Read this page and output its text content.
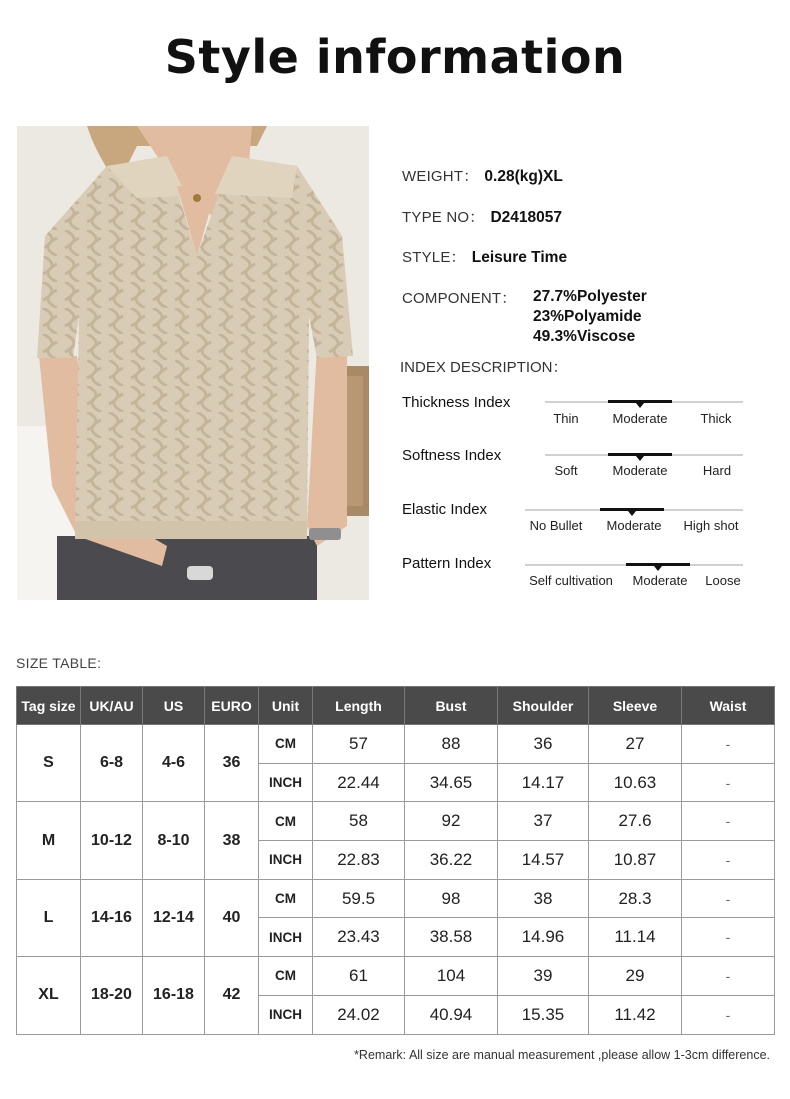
Style information
WEIGHT： 0.28(kg)XL
TYPE NO： D2418057
STYLE： Leisure Time
COMPONENT： 27.7%Polyester
23%Polyamide
49.3%Viscose
INDEX DESCRIPTION：
Thickness Index
Thin	Moderate	Thick
Softness Index
Soft	Moderate	Hard
Elastic Index
No Bullet	Moderate	High shot
Pattern Index
Self cultivation	Moderate	Loose
SIZE TABLE:
Tag size	UK/AU	US	EURO	Unit	Length	Bust	Shoulder	Sleeve	Waist
S	6-8	4-6	36	CM	57	88	36	27	-
				INCH	22.44	34.65	14.17	10.63	-
M	10-12	8-10	38	CM	58	92	37	27.6	-
				INCH	22.83	36.22	14.57	10.87	-
L	14-16	12-14	40	CM	59.5	98	38	28.3	-
				INCH	23.43	38.58	14.96	11.14	-
XL	18-20	16-18	42	CM	61	104	39	29	-
				INCH	24.02	40.94	15.35	11.42	-
*Remark: All size are manual measurement ,please allow 1-3cm difference.
